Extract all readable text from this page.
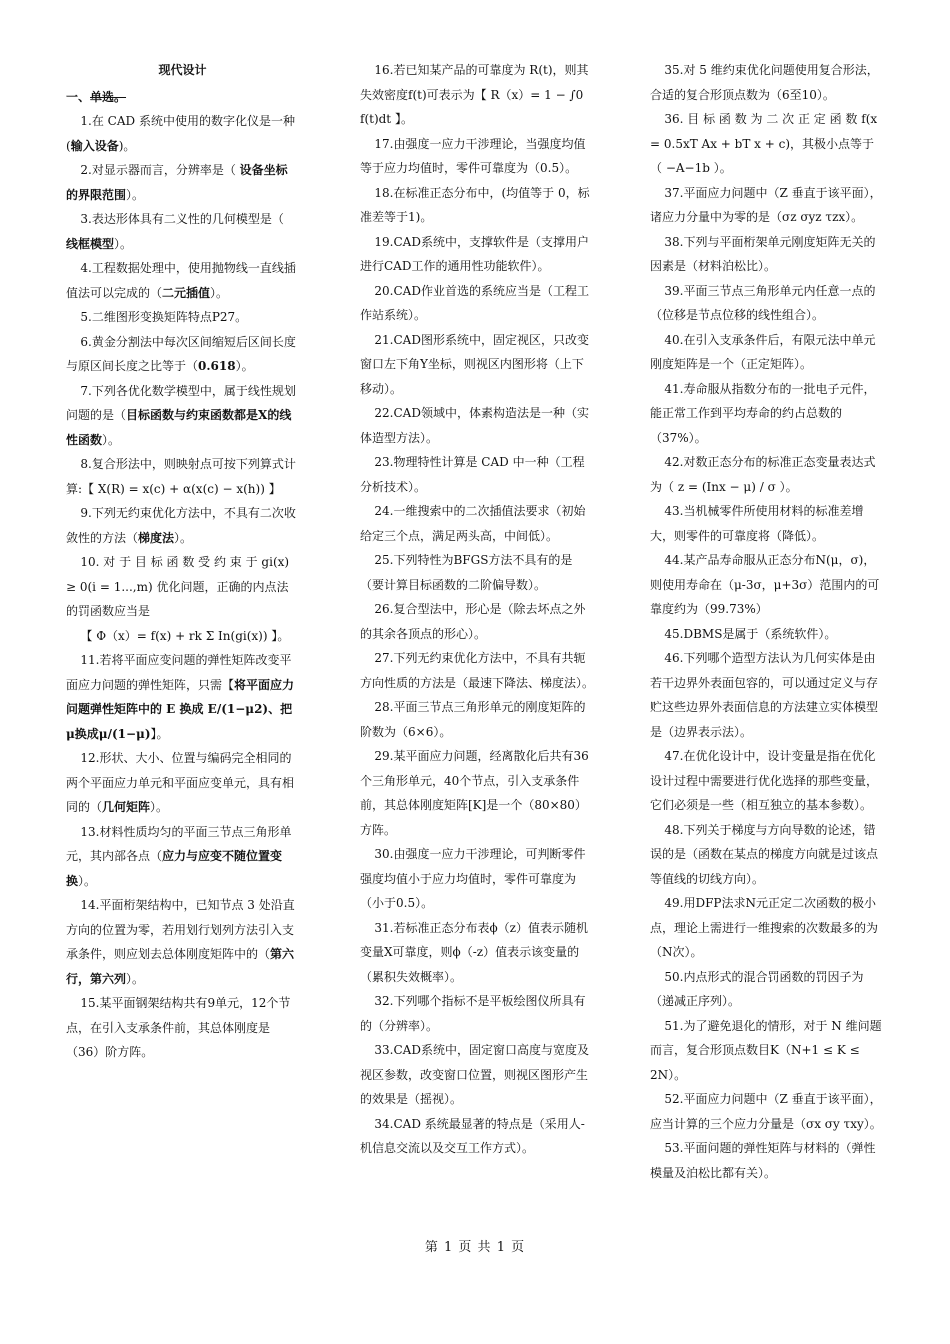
现代设计
一、单选。
1.在 CAD 系统中使用的数字化仪是一种(输入设备)。
2.对显示器而言，分辨率是（ 设备坐标的界限范围）。
3.表达形体具有二义性的几何模型是（ 线框模型）。
4.工程数据处理中，使用抛物线一直线插值法可以完成的（二元插值）。
5.二维图形变换矩阵特点P27。
6.黄金分割法中每次区间缩短后区间长度与原区间长度之比等于（0.618）。
7.下列各优化数学模型中，属于线性规划问题的是（目标函数与约束函数都是X的线性函数）。
8.复合形法中，则映射点可按下列算式计算:【 X(R) = x(c) + α(x(c) − x(h)) 】
9.下列无约束优化方法中，不具有二次收敛性的方法（梯度法）。
10. 对 于 目 标 函 数 受 约 束 于 gi(x) ≥ 0(i = 1...,m) 优化问题，正确的内点法的罚函数应当是
【 Φ（x）= f(x) + rk Σ In(gi(x)) 】。
11.若将平面应变问题的弹性矩阵改变平面应力问题的弹性矩阵，只需【将平面应力问题弹性矩阵中的 E 换成 E/(1−μ2)、把μ换成μ/(1−μ)】。
12.形状、大小、位置与编码完全相同的两个平面应力单元和平面应变单元，具有相同的（几何矩阵）。
13.材料性质均匀的平面三节点三角形单元，其内部各点（应力与应变不随位置变换）。
14.平面桁架结构中，已知节点 3 处沿直方向的位置为零，若用划行划列方法引入支承条件，则应划去总体刚度矩阵中的（第六行，第六列）。
15.某平面钢架结构共有9单元，12个节点，在引入支承条件前，其总体刚度是（36）阶方阵。
16.若已知某产品的可靠度为 R(t)，则其失效密度f(t)可表示为【 R（x）= 1 − ∫0 f(t)dt 】。
17.由强度一应力干涉理论，当强度均值等于应力均值时，零件可靠度为（0.5）。
18.在标准正态分布中，(均值等于 0，标准差等于1)。
19.CAD系统中，支撑软件是（支撑用户进行CAD工作的通用性功能软件）。
20.CAD作业首选的系统应当是（工程工作站系统）。
21.CAD图形系统中，固定视区，只改变窗口左下角Y坐标，则视区内图形将（上下移动）。
22.CAD领域中，体素构造法是一种（实体造型方法）。
23.物理特性计算是 CAD 中一种（工程分析技术）。
24.一维搜索中的二次插值法要求（初始给定三个点，满足两头高，中间低）。
25.下列特性为BFGS方法不具有的是（要计算目标函数的二阶偏导数）。
26.复合型法中，形心是（除去坏点之外的其余各顶点的形心）。
27.下列无约束优化方法中，不具有共轭方向性质的方法是（最速下降法、梯度法）。
28.平面三节点三角形单元的刚度矩阵的阶数为（6×6）。
29.某平面应力问题，经离散化后共有36个三角形单元，40个节点，引入支承条件前，其总体刚度矩阵[K]是一个（80×80）方阵。
30.由强度一应力干涉理论，可判断零件强度均值小于应力均值时，零件可靠度为（小于0.5）。
31.若标准正态分布表ϕ（z）值表示随机变量X可靠度，则ϕ（-z）值表示该变量的（累积失效概率）。
32.下列哪个指标不是平板绘图仪所具有的（分辨率）。
33.CAD系统中，固定窗口高度与宽度及视区参数，改变窗口位置，则视区图形产生的效果是（摇视）。
34.CAD 系统最显著的特点是（采用人-机信息交流以及交互工作方式）。
35.对 5 维约束优化问题使用复合形法，合适的复合形顶点数为（6至10）。
36. 目 标 函 数 为 二 次 正 定 函 数 f(x = 0.5xT Ax + bT x + c)，其极小点等于（ −A−1b ）。
37.平面应力问题中（Z 垂直于该平面），诸应力分量中为零的是（σz σyz τzx）。
38.下列与平面桁架单元刚度矩阵无关的因素是（材料泊松比）。
39.平面三节点三角形单元内任意一点的（位移是节点位移的线性组合）。
40.在引入支承条件后，有限元法中单元刚度矩阵是一个（正定矩阵）。
41.寿命服从指数分布的一批电子元件，能正常工作到平均寿命的约占总数的（37%）。
42.对数正态分布的标准正态变量表达式为（ z = (Inx − μ) / σ ）。
43.当机械零件所使用材料的标准差增大，则零件的可靠度将（降低）。
44.某产品寿命服从正态分布N(μ，σ)，则使用寿命在（μ-3σ，μ+3σ）范围内的可靠度约为（99.73%）
45.DBMS是属于（系统软件）。
46.下列哪个造型方法认为几何实体是由若干边界外表面包容的，可以通过定义与存贮这些边界外表面信息的方法建立实体模型是（边界表示法）。
47.在优化设计中，设计变量是指在优化设计过程中需要进行优化选择的那些变量，它们必须是一些（相互独立的基本参数）。
48.下列关于梯度与方向导数的论述，错误的是（函数在某点的梯度方向就是过该点等值线的切线方向）。
49.用DFP法求N元正定二次函数的极小点，理论上需进行一维搜索的次数最多的为（N次）。
50.内点形式的混合罚函数的罚因子为（递减正序列）。
51.为了避免退化的情形，对于 N 维问题而言，复合形顶点数目K（N+1 ≤ K ≤ 2N）。
52.平面应力问题中（Z 垂直于该平面），应当计算的三个应力分量是（σx σy τxy）。
53.平面问题的弹性矩阵与材料的（弹性模量及泊松比都有关）。
第 1 页 共 1 页
